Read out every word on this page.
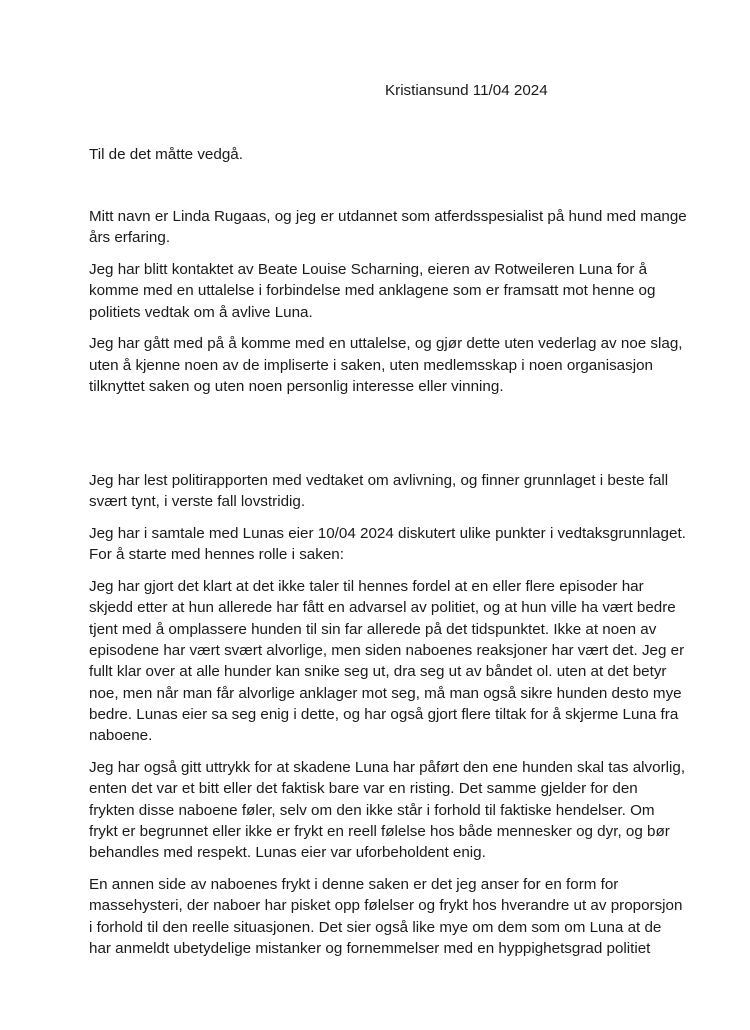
Kristiansund 11/04 2024
Til de det måtte vedgå.

Mitt navn er Linda Rugaas, og jeg er utdannet som atferdsspesialist på hund med mange
års erfaring.

Jeg har blitt kontaktet av Beate Louise Scharning, eieren av Rotweileren Luna for å
komme med en uttalelse i forbindelse med anklagene som er framsatt mot henne og
politiets vedtak om å avlive Luna.

Jeg har gått med på å komme med en uttalelse, og gjør dette uten vederlag av noe slag,
uten å kjenne noen av de impliserte i saken, uten medlemsskap i noen organisasjon
tilknyttet saken og uten noen personlig interesse eller vinning.

Jeg har lest politirapporten med vedtaket om avlivning, og finner grunnlaget i beste fall
svært tynt, i verste fall lovstridig.

Jeg har i samtale med Lunas eier 10/04 2024 diskutert ulike punkter i vedtaksgrunnlaget.
For å starte med hennes rolle i saken:

Jeg har gjort det klart at det ikke taler til hennes fordel at en eller flere episoder har
skjedd etter at hun allerede har fått en advarsel av politiet, og at hun ville ha vært bedre
tjent med å omplassere hunden til sin far allerede på det tidspunktet. Ikke at noen av
episodene har vært svært alvorlige, men siden naboenes reaksjoner har vært det. Jeg er
fullt klar over at alle hunder kan snike seg ut, dra seg ut av båndet ol. uten at det betyr
noe, men når man får alvorlige anklager mot seg, må man også sikre hunden desto mye
bedre. Lunas eier sa seg enig i dette, og har også gjort flere tiltak for å skjerme Luna fra
naboene.

Jeg har også gitt uttrykk for at skadene Luna har påført den ene hunden skal tas alvorlig,
enten det var et bitt eller det faktisk bare var en risting. Det samme gjelder for den
frykten disse naboene føler, selv om den ikke står i forhold til faktiske hendelser. Om
frykt er begrunnet eller ikke er frykt en reell følelse hos både mennesker og dyr, og bør
behandles med respekt. Lunas eier var uforbeholdent enig.

En annen side av naboenes frykt i denne saken er det jeg anser for en form for
massehysteri, der naboer har pisket opp følelser og frykt hos hverandre ut av proporsjon
i forhold til den reelle situasjonen. Det sier også like mye om dem som om Luna at de
har anmeldt ubetydelige mistanker og fornemmelser med en hyppighetsgrad politiet
